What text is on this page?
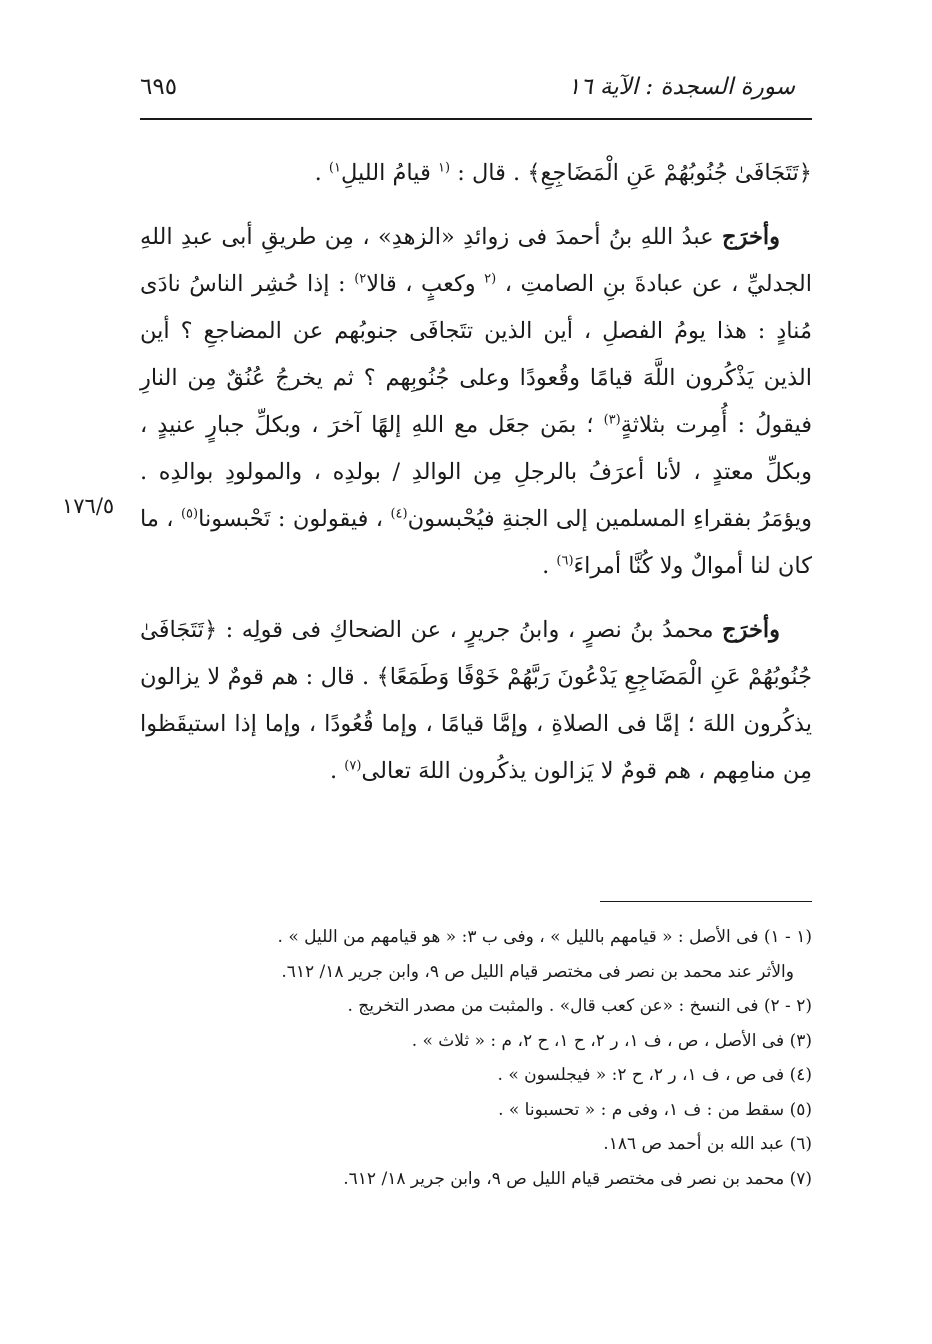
٦٩٥	سورة السجدة : الآية ١٦
١٧٦/٥

﴿تَتَجَافَىٰ جُنُوبُهُمْ عَنِ الْمَضَاجِعِ﴾ . قال : $^{(١}$ قيامُ الليلِ$^{١)}$ .

وأخرَج عبدُ اللهِ بنُ أحمدَ فى زوائدِ «الزهدِ» ، مِن طريقِ أبى عبدِ اللهِ الجدليِّ ، عن عبادةَ بنِ الصامتِ ، $^{(٢}$ وكعبٍ ، قالا$^{٢)}$ : إذا حُشِر الناسُ نادَى مُنادٍ : هذا يومُ الفصلِ ، أين الذين تتَجافَى جنوبُهم عن المضاجعِ ؟ أين الذين يَذْكُرون اللَّهَ قيامًا وقُعودًا وعلى جُنُوبِهم ؟ ثم يخرجُ عُنُقٌ مِن النارِ فيقولُ : أُمِرت بثلاثةٍ$^{(٣)}$ ؛ بمَن جعَل مع اللهِ إلهًا آخرَ ، وبكلِّ جبارٍ عنيدٍ ، وبكلِّ معتدٍ ، لأنا أعرَفُ بالرجلِ مِن الوالدِ / بولدِه ، والمولودِ بوالدِه . ويؤمَرُ بفقراءِ المسلمين إلى الجنةِ فيُحْبسون$^{(٤)}$ ، فيقولون : تَحْبسونا$^{(٥)}$ ، ما كان لنا أموالٌ ولا كُنَّا أمراءَ$^{(٦)}$ .

وأخرَج محمدُ بنُ نصرٍ ، وابنُ جريرٍ ، عن الضحاكِ فى قولِه : ﴿تَتَجَافَىٰ جُنُوبُهُمْ عَنِ الْمَضَاجِعِ يَدْعُونَ رَبَّهُمْ خَوْفًا وَطَمَعًا﴾ . قال : هم قومٌ لا يزالون يذكُرون اللهَ ؛ إمَّا فى الصلاةِ ، وإمَّا قيامًا ، وإما قُعُودًا ، وإما إذا استيقَظوا مِن منامِهم ، هم قومٌ لا يَزالون يذكُرون اللهَ تعالى$^{(٧)}$ .

(١ - ١) فى الأصل : « قيامهم بالليل » ، وفى ب ٣: « هو قيامهم من الليل » .
والأثر عند محمد بن نصر فى مختصر قيام الليل ص ٩، وابن جرير ١٨/ ٦١٢.
(٢ - ٢) فى النسخ : «عن كعب قال» . والمثبت من مصدر التخريج .
(٣) فى الأصل ، ص ، ف ١، ر ٢، ح ١، ح ٢، م : « ثلاث » .
(٤) فى ص ، ف ١، ر ٢، ح ٢: « فيجلسون » .
(٥) سقط من : ف ١، وفى م : « تحسبونا » .
(٦) عبد الله بن أحمد ص ١٨٦.
(٧) محمد بن نصر فى مختصر قيام الليل ص ٩، وابن جرير ١٨/ ٦١٢.
